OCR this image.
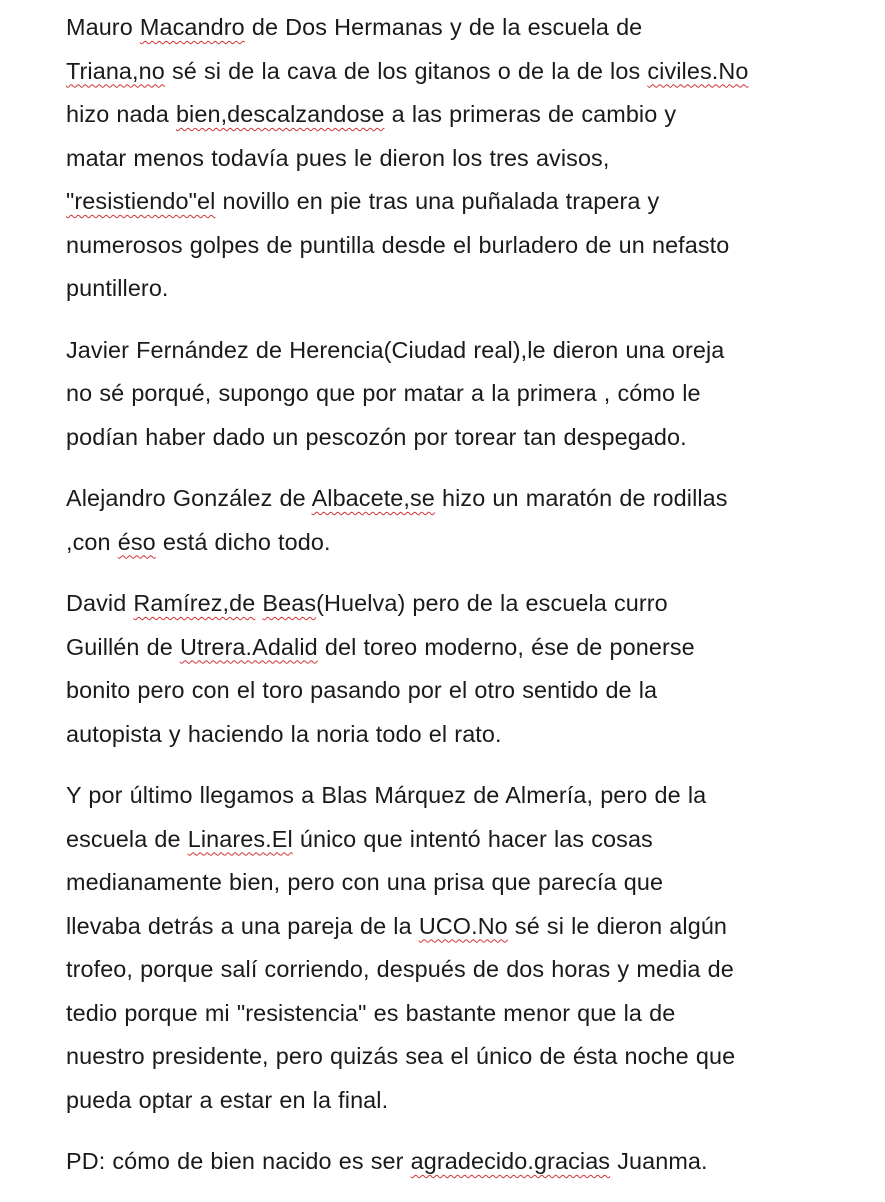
Mauro Macandro de Dos Hermanas y de la escuela de
Triana,no sé si de la cava de los gitanos o de la de los civiles.No
hizo nada bien,descalzandose a las primeras de cambio y
matar menos todavía pues le dieron los tres avisos,
"resistiendo"el novillo en pie tras una puñalada trapera y
numerosos golpes de puntilla desde el burladero de un nefasto
puntillero.

Javier Fernández de Herencia(Ciudad real),le dieron una oreja
no sé porqué, supongo que por matar a la primera , cómo le
podían haber dado un pescozón por torear tan despegado.

Alejandro González de Albacete,se hizo un maratón de rodillas
,con éso está dicho todo.

David Ramírez,de Beas(Huelva) pero de la escuela curro
Guillén de Utrera.Adalid del toreo moderno, ése de ponerse
bonito pero con el toro pasando por el otro sentido de la
autopista y haciendo la noria todo el rato.

Y por último llegamos a Blas Márquez de Almería, pero de la
escuela de Linares.El único que intentó hacer las cosas
medianamente bien, pero con una prisa que parecía que
llevaba detrás a una pareja de la UCO.No sé si le dieron algún
trofeo, porque salí corriendo, después de dos horas y media de
tedio porque mi "resistencia" es bastante menor que la de
nuestro presidente, pero quizás sea el único de ésta noche que
pueda optar a estar en la final.

PD: cómo de bien nacido es ser agradecido.gracias Juanma.
